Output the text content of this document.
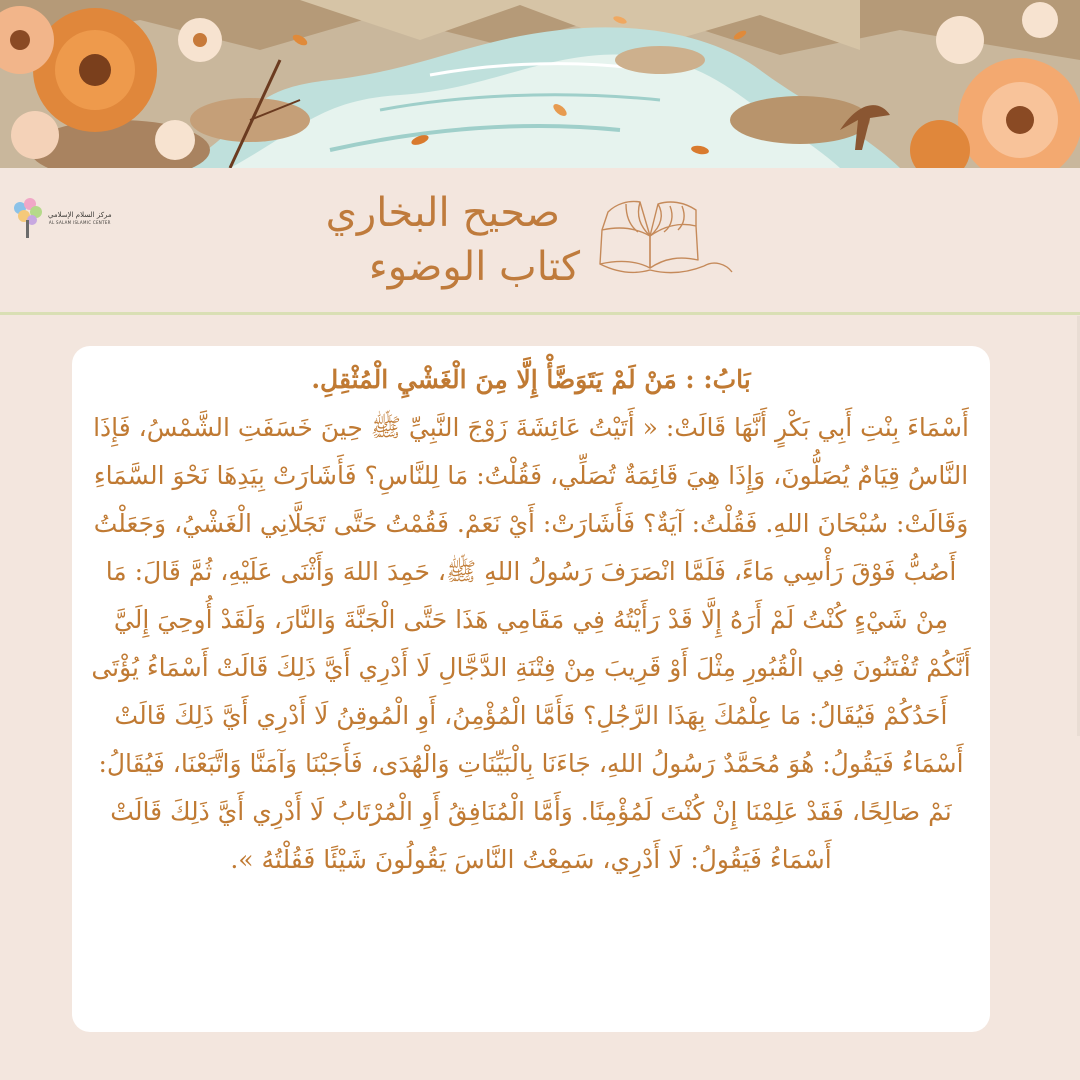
مركز السلام الإسلامي
AL SALAM ISLAMIC CENTER	صحيح البخاري
كتاب الوضوء
بَابُ: : مَنْ لَمْ يَتَوَضَّأْ إِلَّا مِنَ الْغَشْيِ الْمُثْقِلِ.
أَسْمَاءَ بِنْتِ أَبِي بَكْرٍ أَنَّهَا قَالَتْ: « أَتَيْتُ عَائِشَةَ زَوْجَ النَّبِيِّ ﷺ حِينَ خَسَفَتِ الشَّمْسُ، فَإِذَا النَّاسُ قِيَامٌ يُصَلُّونَ، وَإِذَا هِيَ قَائِمَةٌ تُصَلِّي، فَقُلْتُ: مَا لِلنَّاسِ؟ فَأَشَارَتْ بِيَدِهَا نَحْوَ السَّمَاءِ وَقَالَتْ: سُبْحَانَ اللهِ. فَقُلْتُ: آيَةٌ؟ فَأَشَارَتْ: أَيْ نَعَمْ. فَقُمْتُ حَتَّى تَجَلَّانِي الْغَشْيُ، وَجَعَلْتُ أَصُبُّ فَوْقَ رَأْسِي مَاءً، فَلَمَّا انْصَرَفَ رَسُولُ اللهِ ﷺ، حَمِدَ اللهَ وَأَثْنَى عَلَيْهِ، ثُمَّ قَالَ: مَا مِنْ شَيْءٍ كُنْتُ لَمْ أَرَهُ إِلَّا قَدْ رَأَيْتُهُ فِي مَقَامِي هَذَا حَتَّى الْجَنَّةَ وَالنَّارَ، وَلَقَدْ أُوحِيَ إِلَيَّ أَنَّكُمْ تُفْتَنُونَ فِي الْقُبُورِ مِثْلَ أَوْ قَرِيبَ مِنْ فِتْنَةِ الدَّجَّالِ لَا أَدْرِي أَيَّ ذَلِكَ قَالَتْ أَسْمَاءُ يُؤْتَى أَحَدُكُمْ فَيُقَالُ: مَا عِلْمُكَ بِهَذَا الرَّجُلِ؟ فَأَمَّا الْمُؤْمِنُ، أَوِ الْمُوقِنُ لَا أَدْرِي أَيَّ ذَلِكَ قَالَتْ أَسْمَاءُ فَيَقُولُ: هُوَ مُحَمَّدٌ رَسُولُ اللهِ، جَاءَنَا بِالْبَيِّنَاتِ وَالْهُدَى، فَأَجَبْنَا وَآمَنَّا وَاتَّبَعْنَا، فَيُقَالُ: نَمْ صَالِحًا، فَقَدْ عَلِمْنَا إِنْ كُنْتَ لَمُؤْمِنًا. وَأَمَّا الْمُنَافِقُ أَوِ الْمُرْتَابُ لَا أَدْرِي أَيَّ ذَلِكَ قَالَتْ أَسْمَاءُ فَيَقُولُ: لَا أَدْرِي، سَمِعْتُ النَّاسَ يَقُولُونَ شَيْئًا فَقُلْتُهُ ».
